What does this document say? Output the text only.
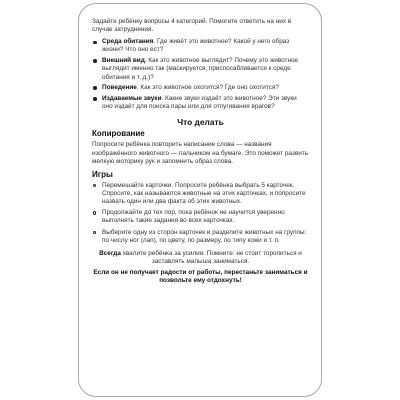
Задайте ребёнку вопросы 4 категорий. Помогите ответить на них в случае затруднения.

Среда обитания. Где живёт это животное? Какой у него образ жизни? Что оно ест?
Внешний вид. Как это животное выглядит? Почему это животное выглядит именно так (маскируется, приспосабливается к среде обитания и т. д.)?
Поведение. Как это животное охотится? Где оно охотится?
Издаваемые звуки. Какие звуки издаёт это животное? Эти звуки оно издаёт для поиска пары или для отпугивания врагов?
Что делать
Копирование

Попросите ребёнка повторить написание слова — названия изображённого животного — пальчиком на бумаге. Это поможет развить мелкую моторику рук и запомнить образ слова.

Игры
Перемешайте карточки. Попросите ребёнка выбрать 5 карточек. Спросите, как называются животные на этих карточках, и попросите назвать один или два факта об этих животных.
Продолжайте до тех пор, пока ребёнок не научится уверенно выполнять такие задания во всех карточках.
Выберите одну из сторон карточек и разделите животных на группы: по числу ног (лап), по цвету, по размеру, по типу кожи и т. п.

Всегда хвалите ребёнка за усилия. Помните: не стоит торопиться и заставлять малыша заниматься.

Если он не получает радости от работы, перестаньте заниматься и позвольте ему отдохнуть!
